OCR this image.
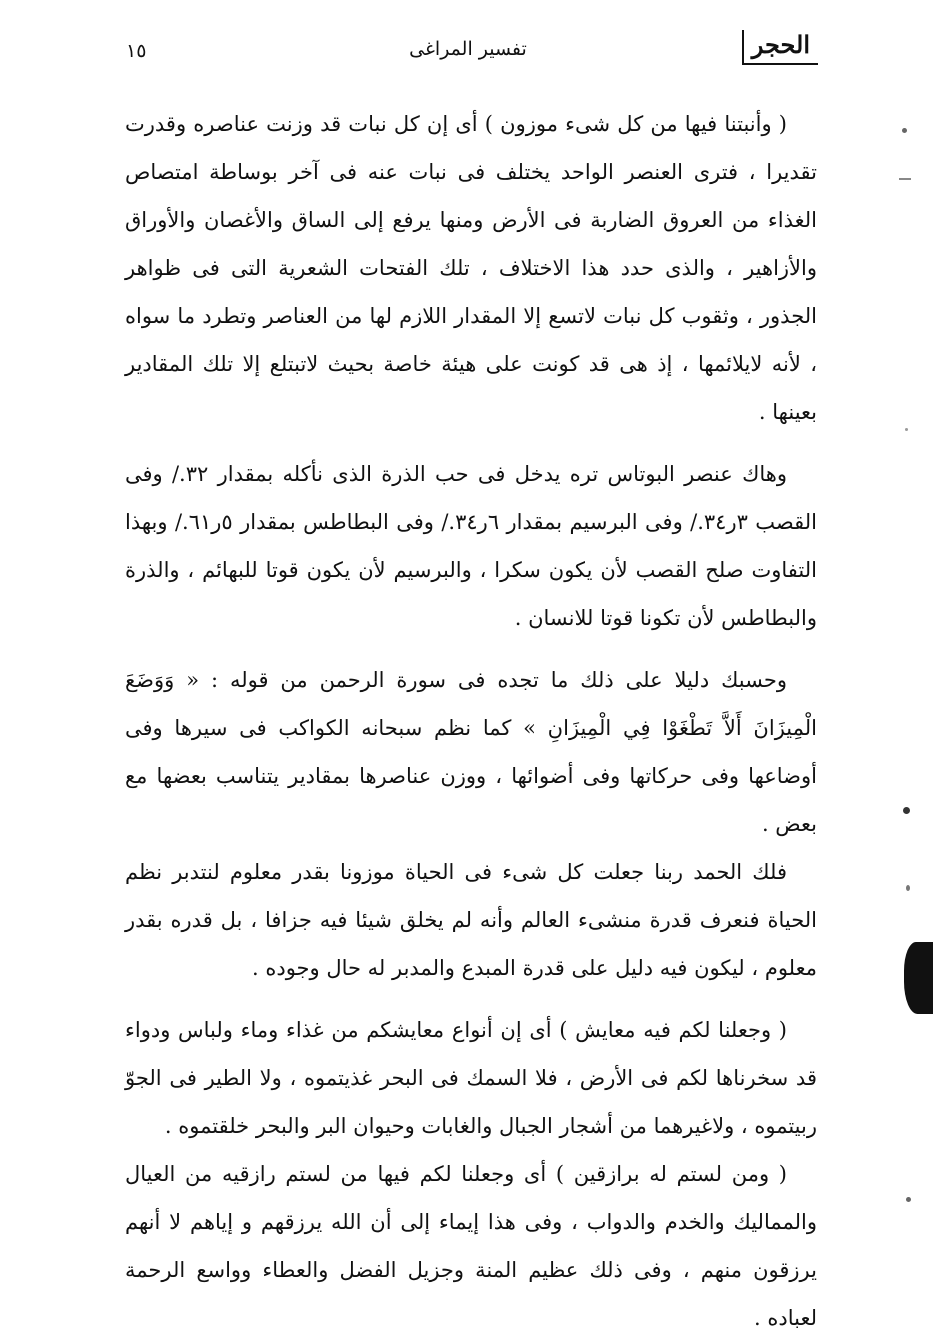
الحجر
تفسير المراغى
١٥

( وأنبتنا فيها من كل شىء موزون ) أى إن كل نبات قد وزنت عناصره وقدرت تقديرا ، فترى العنصر الواحد يختلف فى نبات عنه فى آخر بوساطة امتصاص الغذاء من العروق الضاربة فى الأرض ومنها يرفع إلى الساق والأغصان والأوراق والأزاهير ، والذى حدد هذا الاختلاف ، تلك الفتحات الشعرية التى فى ظواهر الجذور ، وثقوب كل نبات لاتسع إلا المقدار اللازم لها من العناصر وتطرد ما سواه ، لأنه لايلائمها ، إذ هى قد كونت على هيئة خاصة بحيث لاتبتلع إلا تلك المقادير بعينها .

وهاك عنصر البوتاس تره يدخل فى حب الذرة الذى نأكله بمقدار ٣٢./ وفى القصب ٣ر٣٤./ وفى البرسيم بمقدار ٦ر٣٤./ وفى البطاطس بمقدار ٥ر٦١./ وبهذا التفاوت صلح القصب لأن يكون سكرا ، والبرسيم لأن يكون قوتا للبهائم ، والذرة والبطاطس لأن تكونا قوتا للانسان .

وحسبك دليلا على ذلك ما تجده فى سورة الرحمن من قوله : « وَوَضَعَ الْمِيزَانَ أَلاَّ تَطْغَوْا فِي الْمِيزَانِ » كما نظم سبحانه الكواكب فى سيرها وفى أوضاعها وفى حركاتها وفى أضوائها ، ووزن عناصرها بمقادير يتناسب بعضها مع بعض .

فلك الحمد ربنا جعلت كل شىء فى الحياة موزونا بقدر معلوم لنتدبر نظم الحياة فنعرف قدرة منشىء العالم وأنه لم يخلق شيئا فيه جزافا ، بل قدره بقدر معلوم ، ليكون فيه دليل على قدرة المبدع والمدبر له حال وجوده .

( وجعلنا لكم فيه معايش ) أى إن أنواع معايشكم من غذاء وماء ولباس ودواء قد سخرناها لكم فى الأرض ، فلا السمك فى البحر غذيتموه ، ولا الطير فى الجوّ ربيتموه ، ولاغيرهما من أشجار الجبال والغابات وحيوان البر والبحر خلقتموه .

( ومن لستم له برازقين ) أى وجعلنا لكم فيها من لستم رازقيه من العيال والمماليك والخدم والدواب ، وفى هذا إيماء إلى أن الله يرزقهم و إياهم لا أنهم يرزقون منهم ، وفى ذلك عظيم المنة وجزيل الفضل والعطاء وواسع الرحمة لعباده .
